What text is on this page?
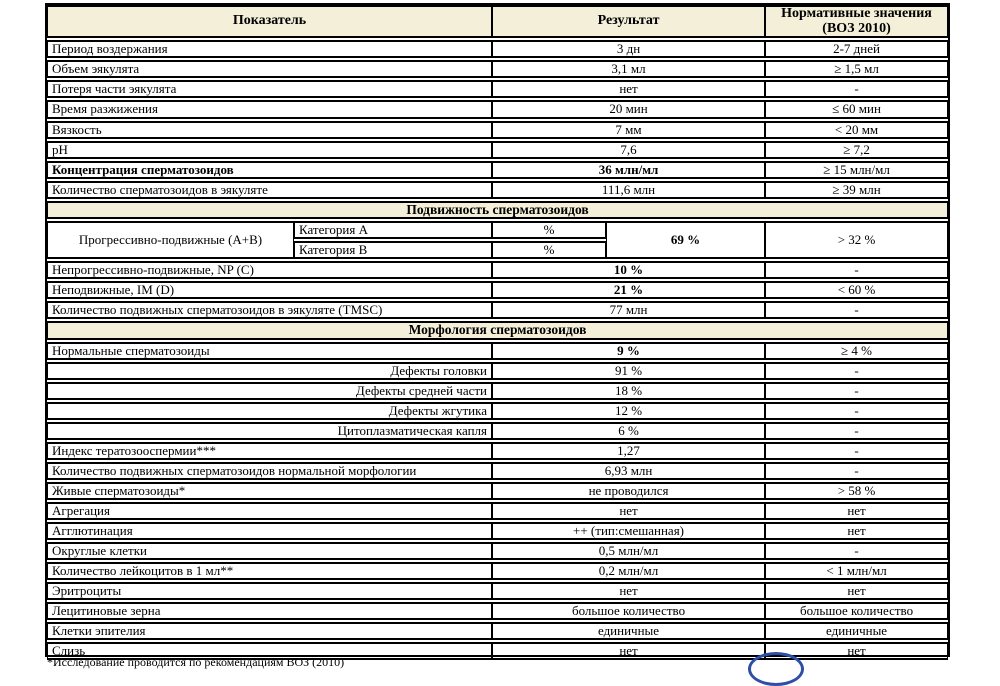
Показатель		Результат		Нормативные значения (ВОЗ 2010)
Период воздержания		3 дн		2-7 дней
Объем эякулята		3,1 мл		≥ 1,5 мл
Потеря части эякулята		нет		-
Время разжижения		20 мин		≤ 60 мин
Вязкость		7 мм		< 20 мм
pH		7,6		≥ 7,2
Концентрация сперматозоидов		36 млн/мл		≥ 15 млн/мл
Количество сперматозоидов в эякуляте		111,6 млн		≥ 39 млн
Подвижность сперматозоидов				
Прогрессивно-подвижные (А+В)	Категория А	%	69 %	> 32 %
	Категория В	%		
Непрогрессивно-подвижные, NP (C)		10 %		-
Неподвижные, IM (D)		21 %		< 60 %
Количество подвижных сперматозоидов в эякуляте (TMSC)		77 млн		-
Морфология сперматозоидов				
Нормальные сперматозоиды		9 %		≥ 4 %
Дефекты головки		91 %		-
Дефекты средней части		18 %		-
Дефекты жгутика		12 %		-
Цитоплазматическая капля		6 %		-
Индекс тератозооспермии***		1,27		-
Количество подвижных сперматозоидов нормальной морфологии		6,93 млн		-
Живые сперматозоиды*		не проводился		> 58 %
Агрегация		нет		нет
Агглютинация		++ (тип:смешанная)		нет
Округлые клетки		0,5 млн/мл		-
Количество лейкоцитов в 1 мл**		0,2 млн/мл		< 1 млн/мл
Эритроциты		нет		нет
Лецитиновые зерна		большое количество		большое количество
Клетки эпителия		единичные		единичные
Слизь		нет		нет
*Исследование проводится по рекомендациям ВОЗ (2010)
